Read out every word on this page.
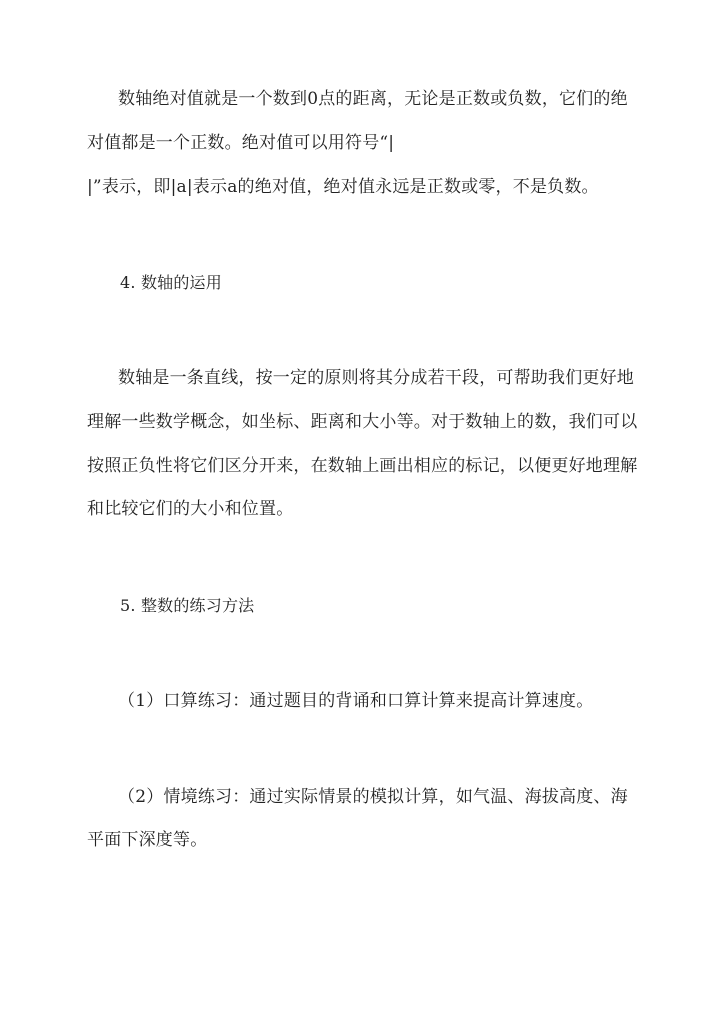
数轴绝对值就是一个数到0点的距离，无论是正数或负数，它们的绝
对值都是一个正数。绝对值可以用符号“|
|”表示，即|a|表示a的绝对值，绝对值永远是正数或零，不是负数。
4. 数轴的运用
数轴是一条直线，按一定的原则将其分成若干段，可帮助我们更好地
理解一些数学概念，如坐标、距离和大小等。对于数轴上的数，我们可以
按照正负性将它们区分开来，在数轴上画出相应的标记，以便更好地理解
和比较它们的大小和位置。
5. 整数的练习方法
（1）口算练习：通过题目的背诵和口算计算来提高计算速度。
（2）情境练习：通过实际情景的模拟计算，如气温、海拔高度、海
平面下深度等。
